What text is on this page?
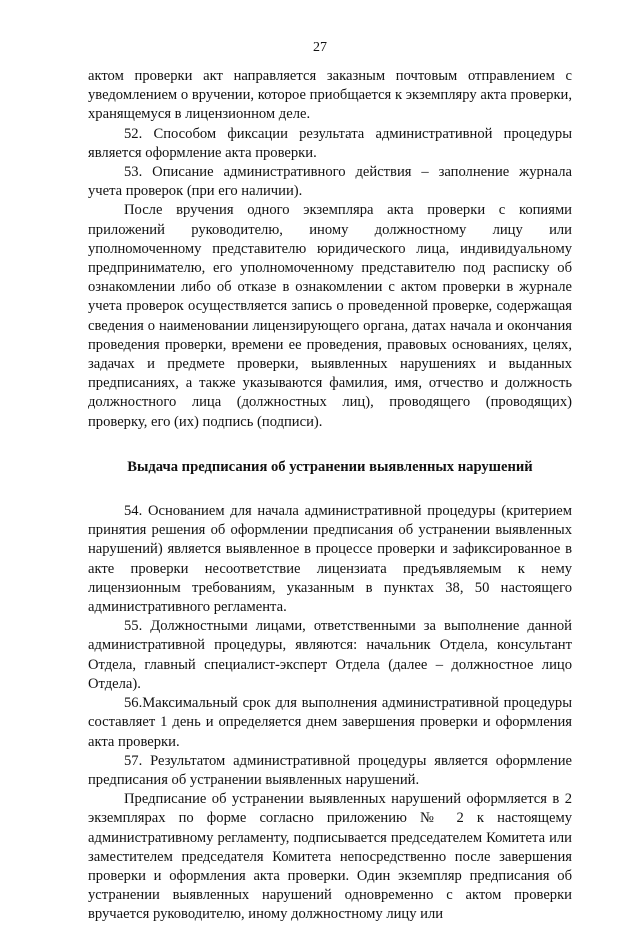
27

актом проверки акт направляется заказным почтовым отправлением с уведомлением о вручении, которое приобщается к экземпляру акта проверки, хранящемуся в лицензионном деле.

52. Способом фиксации результата административной процедуры является оформление акта проверки.

53. Описание административного действия – заполнение журнала учета проверок (при его наличии).

После вручения одного экземпляра акта проверки с копиями приложений руководителю, иному должностному лицу или уполномоченному представителю юридического лица, индивидуальному предпринимателю, его уполномоченному представителю под расписку об ознакомлении либо об отказе в ознакомлении с актом проверки в журнале учета проверок осуществляется запись о проведенной проверке, содержащая сведения о наименовании лицензирующего органа, датах начала и окончания проведения проверки, времени ее проведения, правовых основаниях, целях, задачах и предмете проверки, выявленных нарушениях и выданных предписаниях, а также указываются фамилия, имя, отчество и должность должностного лица (должностных лиц), проводящего (проводящих) проверку, его (их) подпись (подписи).

Выдача предписания об устранении выявленных нарушений

54. Основанием для начала административной процедуры (критерием принятия решения об оформлении предписания об устранении выявленных нарушений) является выявленное в процессе проверки и зафиксированное в акте проверки несоответствие лицензиата предъявляемым к нему лицензионным требованиям, указанным в пунктах 38, 50 настоящего административного регламента.

55. Должностными лицами, ответственными за выполнение данной административной процедуры, являются: начальник Отдела, консультант Отдела, главный специалист-эксперт Отдела (далее – должностное лицо Отдела).

56.Максимальный срок для выполнения административной процедуры составляет 1 день и определяется днем завершения проверки и оформления акта проверки.

57. Результатом административной процедуры является оформление предписания об устранении выявленных нарушений.

Предписание об устранении выявленных нарушений оформляется в 2 экземплярах по форме согласно приложению № 2 к настоящему административному регламенту, подписывается председателем Комитета или заместителем председателя Комитета непосредственно после завершения проверки и оформления акта проверки. Один экземпляр предписания об устранении выявленных нарушений одновременно с актом проверки вручается руководителю, иному должностному лицу или
